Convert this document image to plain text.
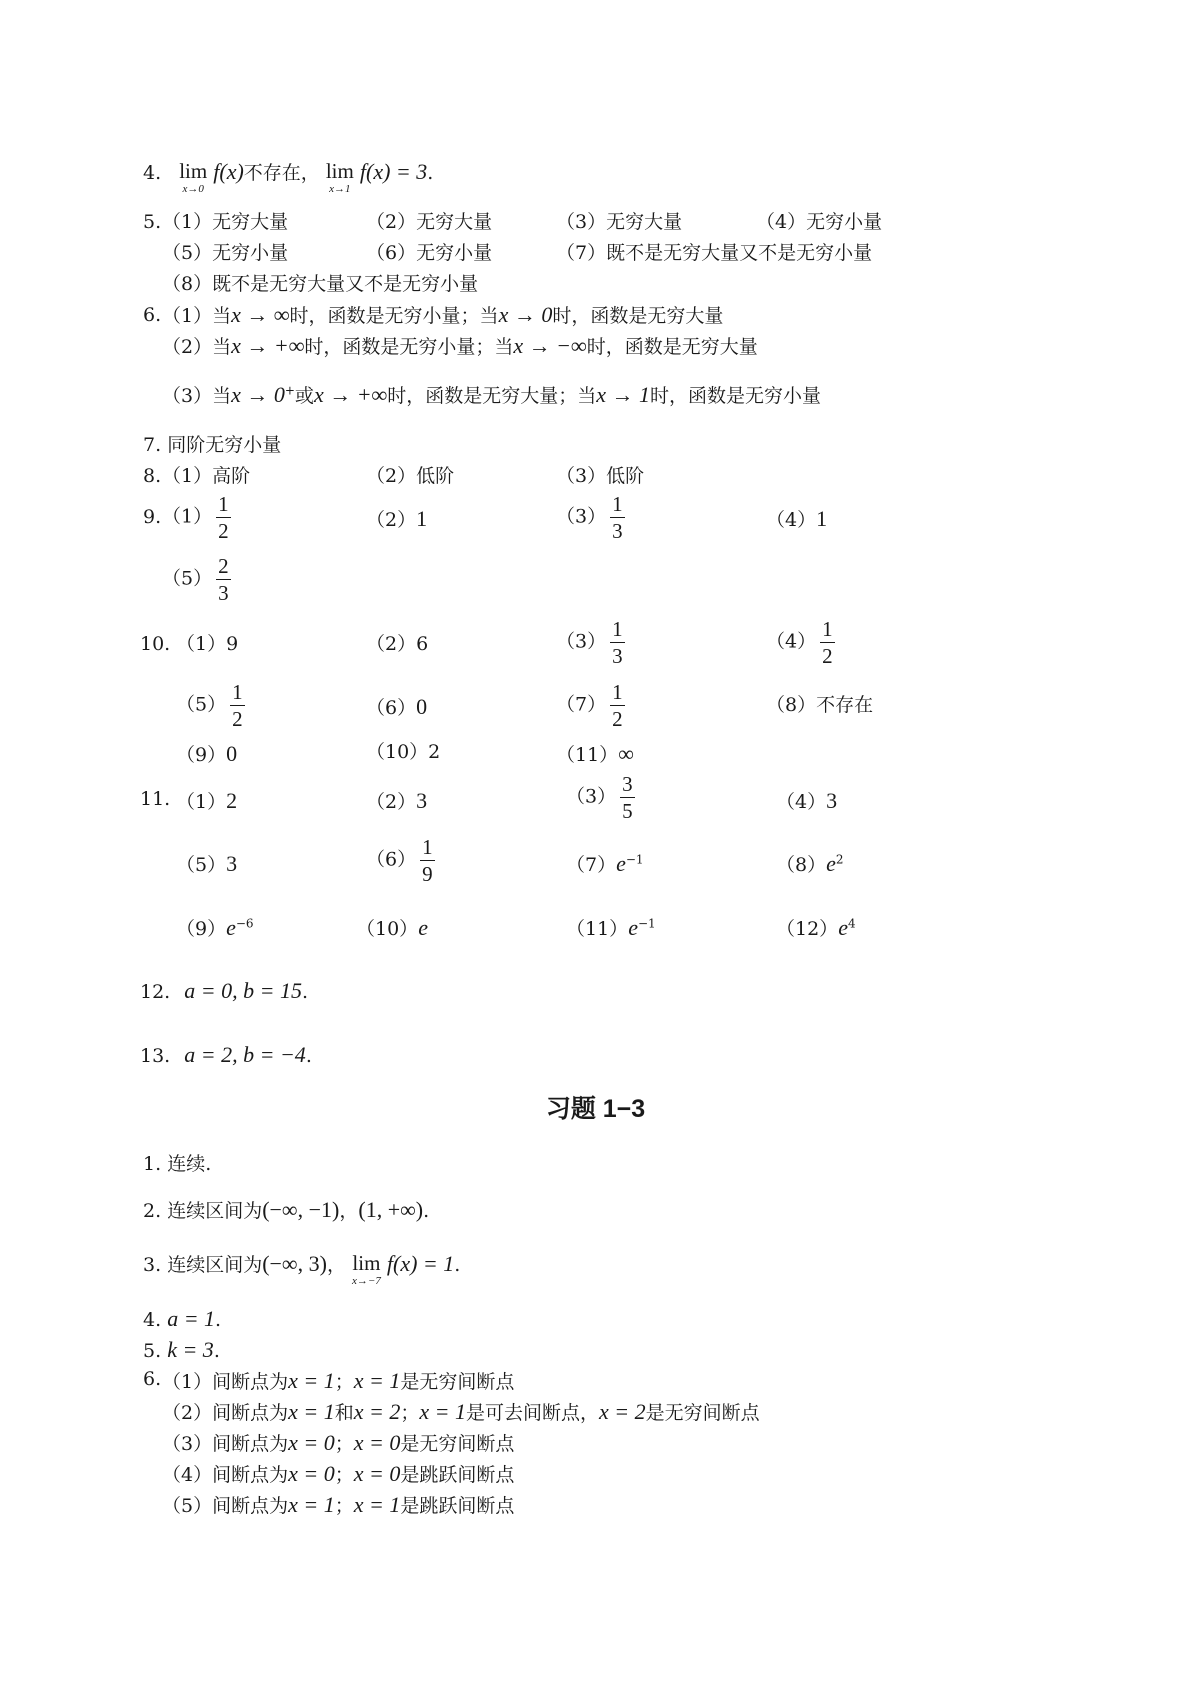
4. lim
x→0
f(x)不存在， lim
x→1
f(x) = 3.
5. （1）无穷大量	（2）无穷大量	（3）无穷大量	（4）无穷小量
（5）无穷小量	（6）无穷小量	（7）既不是无穷大量又不是无穷小量
（8）既不是无穷大量又不是无穷小量
6. （1）当x → ∞时，函数是无穷小量；当x → 0时，函数是无穷大量
（2）当x → +∞时，函数是无穷小量；当x → −∞时，函数是无穷大量
（3）当x → 0+或x → +∞时，函数是无穷大量；当x → 1时，函数是无穷小量
7. 同阶无穷小量
8. （1）高阶	（2）低阶	（3）低阶
9. $(1) \frac{1}{2}$	（2）1	$(3) \frac{1}{3}$	（4）1
$(5) \frac{2}{3}$
10. （1）9	（2）6	$(3) \frac{1}{3}$	$(4) \frac{1}{2}$
$(5) \frac{1}{2}$	（6）0	$(7) \frac{1}{2}$	（8）不存在
（9）0	（10）2	（11）∞
11. （1）2	（2）3	$(3) \frac{3}{5}$	（4）3
（5）3	$(6) \frac{1}{9}$	$(7)e^{-1}$	$(8)e^2$
$(9)e^{-6}$	（10）e	$(11)e^{-1}$	$(12)e^4$
12. a = 0, b = 15.
13. a = 2, b = −4.
习题 1−3
1. 连续.
2. 连续区间为(−∞, −1)，(1, +∞).
3. 连续区间为(−∞, 3)， lim
x→−7
f(x) = 1.
4. a = 1.
5. k = 3.
6. （1）间断点为x = 1；x = 1是无穷间断点
（2）间断点为x = 1和x = 2；x = 1是可去间断点，x = 2是无穷间断点
（3）间断点为x = 0；x = 0是无穷间断点
（4）间断点为x = 0；x = 0是跳跃间断点
（5）间断点为x = 1；x = 1是跳跃间断点
